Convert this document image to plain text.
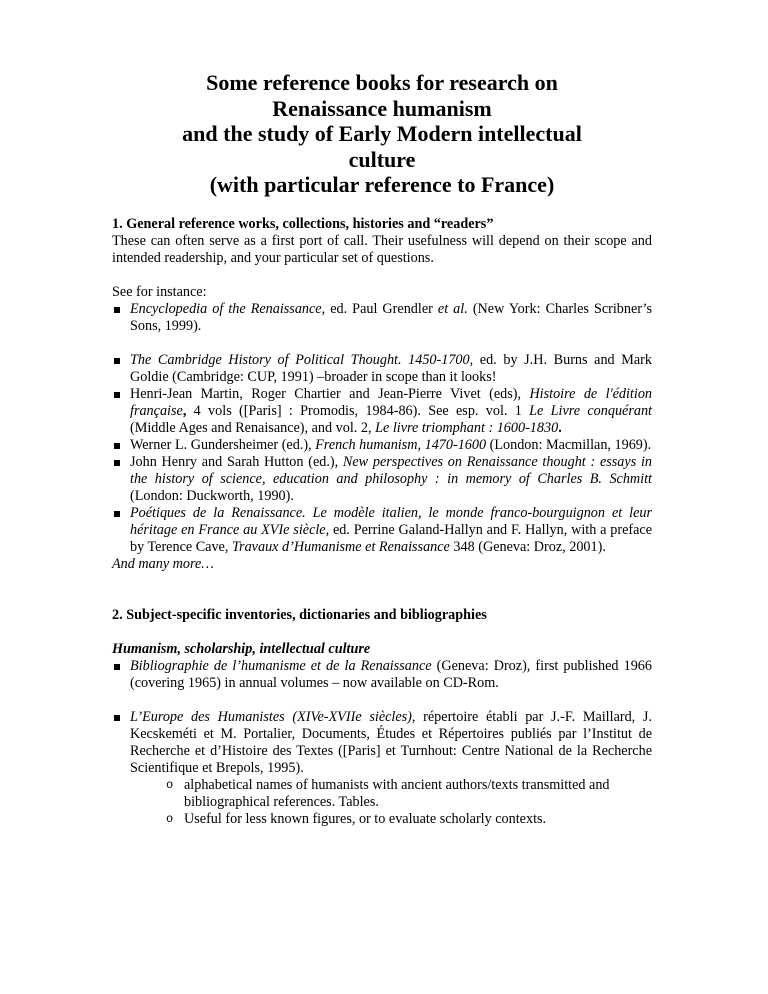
Some reference books for research on
Renaissance humanism
and the study of Early Modern intellectual
culture
(with particular reference to France)

1. General reference works, collections, histories and “readers”

These can often serve as a first port of call. Their usefulness will depend on their scope and intended readership, and your particular set of questions.

See for instance:

Encyclopedia of the Renaissance, ed. Paul Grendler et al. (New York: Charles Scribner’s Sons, 1999).
The Cambridge History of Political Thought. 1450-1700, ed. by J.H. Burns and Mark Goldie (Cambridge: CUP, 1991) –broader in scope than it looks!
Henri-Jean Martin, Roger Chartier and Jean-Pierre Vivet (eds), Histoire de l'édition française, 4 vols ([Paris] : Promodis, 1984-86). See esp. vol. 1 Le Livre conquérant (Middle Ages and Renaisance), and vol. 2, Le livre triomphant : 1600-1830.
Werner L. Gundersheimer (ed.), French humanism, 1470-1600 (London: Macmillan, 1969).
John Henry and Sarah Hutton (ed.), New perspectives on Renaissance thought : essays in the history of science, education and philosophy : in memory of Charles B. Schmitt (London: Duckworth, 1990).
Poétiques de la Renaissance. Le modèle italien, le monde franco-bourguignon et leur héritage en France au XVIe siècle, ed. Perrine Galand-Hallyn and F. Hallyn, with a preface by Terence Cave, Travaux d’Humanisme et Renaissance 348 (Geneva: Droz, 2001).

And many more…

2. Subject-specific inventories, dictionaries and bibliographies

Humanism, scholarship, intellectual culture

Bibliographie de l’humanisme et de la Renaissance (Geneva: Droz), first published 1966 (covering 1965) in annual volumes – now available on CD-Rom.
L’Europe des Humanistes (XIVe-XVIIe siècles), répertoire établi par J.-F. Maillard, J. Kecskeméti et M. Portalier, Documents, Études et Répertoires publiés par l’Institut de Recherche et d’Histoire des Textes ([Paris] et Turnhout: Centre National de la Recherche Scientifique et Brepols, 1995).
o alphabetical names of humanists with ancient authors/texts transmitted and bibliographical references. Tables.
o Useful for less known figures, or to evaluate scholarly contexts.
